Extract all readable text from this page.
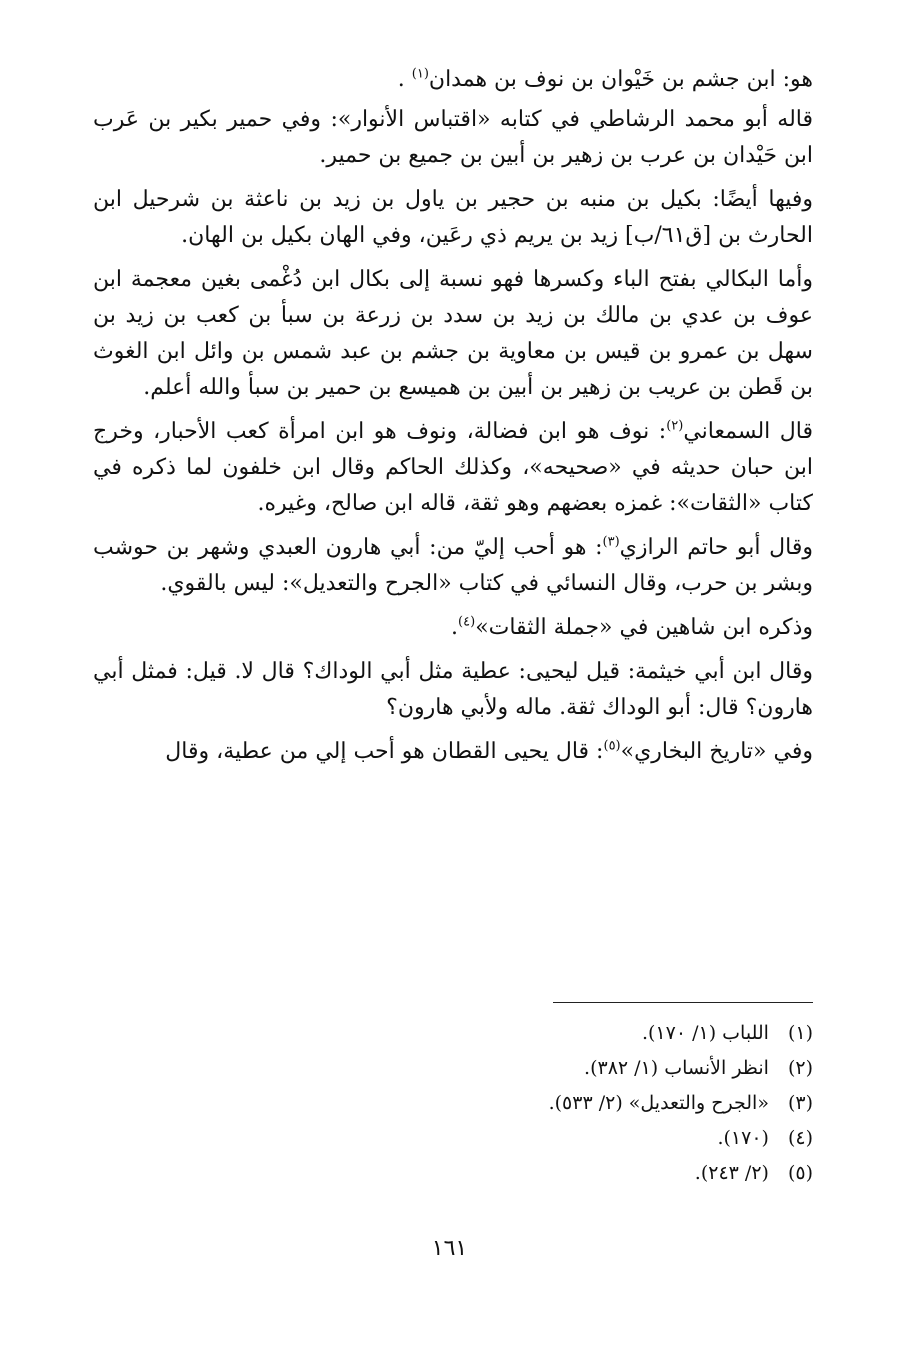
هو: ابن جشم بن خَيْوان بن نوف بن همدان$^{(١)}$ .

قاله أبو محمد الرشاطي في كتابه «اقتباس الأنوار»: وفي حمير بكير بن عَرب ابن حَيْدان بن عرب بن زهير بن أبين بن جميع بن حمير.

وفيها أيضًا: بكيل بن منبه بن حجير بن ياول بن زيد بن ناعثة بن شرحيل ابن الحارث بن [ق٦١/ب] زيد بن يريم ذي رعَين، وفي الهان بكيل بن الهان.

وأما البكالي بفتح الباء وكسرها فهو نسبة إلى بكال ابن دُغْمى بغين معجمة ابن عوف بن عدي بن مالك بن زيد بن سدد بن زرعة بن سبأ بن كعب بن زيد بن سهل بن عمرو بن قيس بن معاوية بن جشم بن عبد شمس بن وائل ابن الغوث بن قَطن بن عريب بن زهير بن أبين بن هميسع بن حمير بن سبأ والله أعلم.

قال السمعاني$^{(٢)}$: نوف هو ابن فضالة، ونوف هو ابن امرأة كعب الأحبار، وخرج ابن حبان حديثه في «صحيحه»، وكذلك الحاكم وقال ابن خلفون لما ذكره في كتاب «الثقات»: غمزه بعضهم وهو ثقة، قاله ابن صالح، وغيره.

وقال أبو حاتم الرازي$^{(٣)}$: هو أحب إليّ من: أبي هارون العبدي وشهر بن حوشب وبشر بن حرب، وقال النسائي في كتاب «الجرح والتعديل»: ليس بالقوي.

وذكره ابن شاهين في «جملة الثقات»$^{(٤)}$.

وقال ابن أبي خيثمة: قيل ليحيى: عطية مثل أبي الوداك؟ قال لا. قيل: فمثل أبي هارون؟ قال: أبو الوداك ثقة. ماله ولأبي هارون؟

وفي «تاريخ البخاري»$^{(٥)}$: قال يحيى القطان هو أحب إلي من عطية، وقال

(١) اللباب (١/ ١٧٠).
(٢) انظر الأنساب (١/ ٣٨٢).
(٣) «الجرح والتعديل» (٢/ ٥٣٣).
(٤) (١٧٠).
(٥) (٢/ ٢٤٣).
١٦١
